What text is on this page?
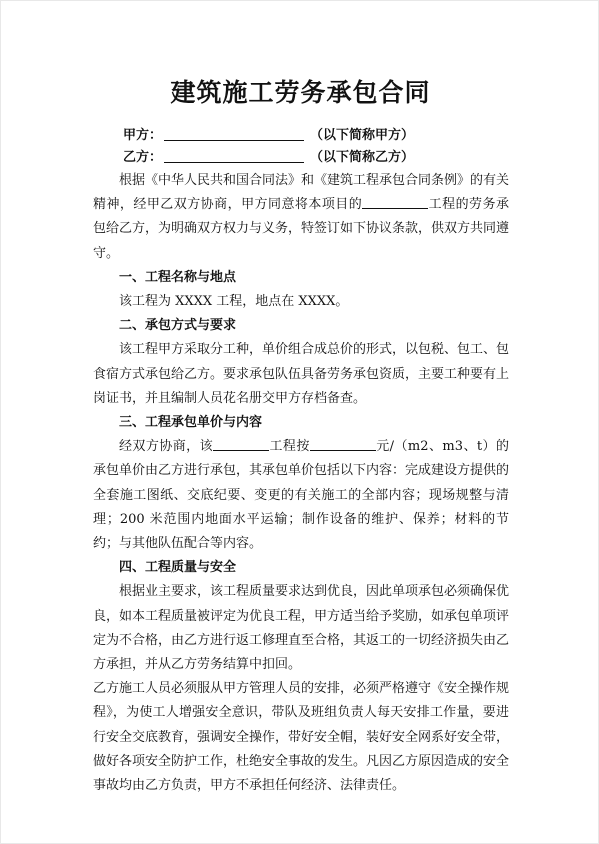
建筑施工劳务承包合同
甲方：	（以下简称甲方）
乙方：	（以下简称乙方）

根据《中华人民共和国合同法》和《建筑工程承包合同条例》的有关精神，经甲乙双方协商，甲方同意将本项目的	工程的劳务承包给乙方，为明确双方权力与义务，特签订如下协议条款，供双方共同遵守。

一、工程名称与地点

该工程为 XXXX 工程，地点在 XXXX。

二、承包方式与要求

该工程甲方采取分工种，单价组合成总价的形式，以包税、包工、包食宿方式承包给乙方。要求承包队伍具备劳务承包资质，主要工种要有上岗证书，并且编制人员花名册交甲方存档备查。

三、工程承包单价与内容

经双方协商，该	工程按	元/（m2、m3、t）的承包单价由乙方进行承包，其承包单价包括以下内容：完成建设方提供的全套施工图纸、交底纪要、变更的有关施工的全部内容；现场规整与清理；200 米范围内地面水平运输；制作设备的维护、保养；材料的节约；与其他队伍配合等内容。

四、工程质量与安全

根据业主要求，该工程质量要求达到优良，因此单项承包必须确保优良，如本工程质量被评定为优良工程，甲方适当给予奖励，如承包单项评定为不合格，由乙方进行返工修理直至合格，其返工的一切经济损失由乙方承担，并从乙方劳务结算中扣回。

乙方施工人员必须服从甲方管理人员的安排，必须严格遵守《安全操作规程》，为使工人增强安全意识，带队及班组负责人每天安排工作量，要进行安全交底教育，强调安全操作，带好安全帽，装好安全网系好安全带，做好各项安全防护工作，杜绝安全事故的发生。凡因乙方原因造成的安全事故均由乙方负责，甲方不承担任何经济、法律责任。
